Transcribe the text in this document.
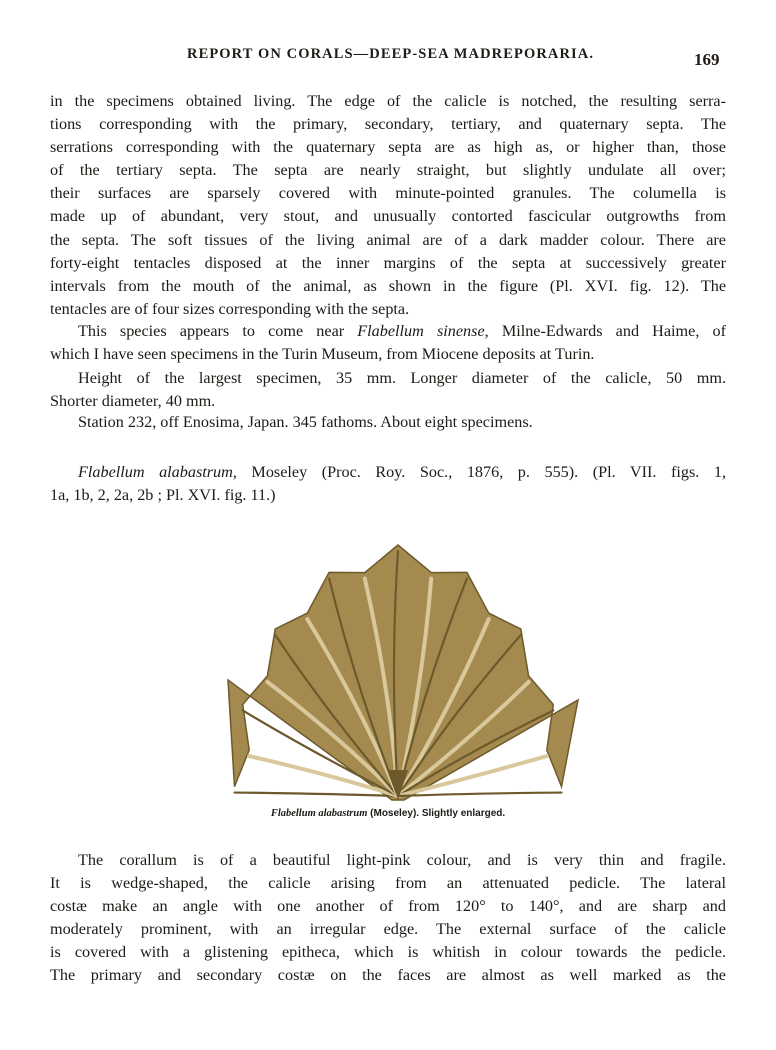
REPORT ON CORALS—DEEP-SEA MADREPORARIA.	169
in the specimens obtained living. The edge of the calicle is notched, the resulting serra-
tions corresponding with the primary, secondary, tertiary, and quaternary septa. The
serrations corresponding with the quaternary septa are as high as, or higher than, those
of the tertiary septa. The septa are nearly straight, but slightly undulate all over;
their surfaces are sparsely covered with minute-pointed granules. The columella is
made up of abundant, very stout, and unusually contorted fascicular outgrowths from
the septa. The soft tissues of the living animal are of a dark madder colour. There are
forty-eight tentacles disposed at the inner margins of the septa at successively greater
intervals from the mouth of the animal, as shown in the figure (Pl. XVI. fig. 12). The
tentacles are of four sizes corresponding with the septa.
This species appears to come near Flabellum sinense, Milne-Edwards and Haime, of
which I have seen specimens in the Turin Museum, from Miocene deposits at Turin.
Height of the largest specimen, 35 mm. Longer diameter of the calicle, 50 mm.
Shorter diameter, 40 mm.
Station 232, off Enosima, Japan. 345 fathoms. About eight specimens.
Flabellum alabastrum, Moseley (Proc. Roy. Soc., 1876, p. 555). (Pl. VII. figs. 1,
1a, 1b, 2, 2a, 2b ; Pl. XVI. fig. 11.)
Flabellum alabastrum (Moseley). Slightly enlarged.
The corallum is of a beautiful light-pink colour, and is very thin and fragile.
It is wedge-shaped, the calicle arising from an attenuated pedicle. The lateral
costæ make an angle with one another of from 120° to 140°, and are sharp and
moderately prominent, with an irregular edge. The external surface of the calicle
is covered with a glistening epitheca, which is whitish in colour towards the pedicle.
The primary and secondary costæ on the faces are almost as well marked as the
